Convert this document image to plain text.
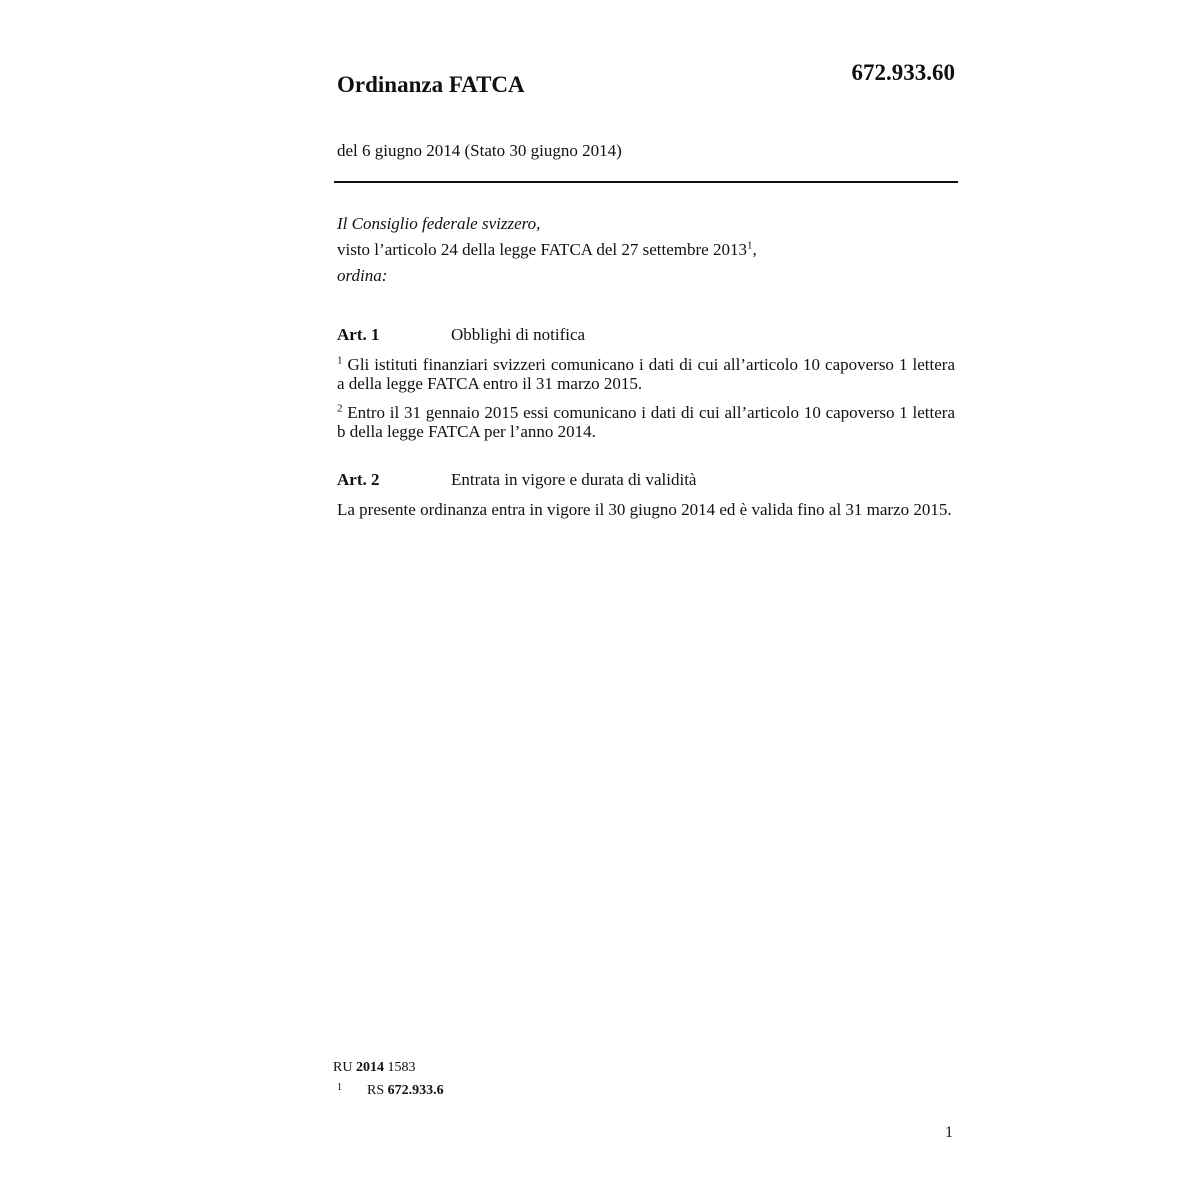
Ordinanza FATCA	672.933.60
del 6 giugno 2014 (Stato 30 giugno 2014)
Il Consiglio federale svizzero,
visto l’articolo 24 della legge FATCA del 27 settembre 2013$^1$,
ordina:
Art. 1	Obblighi di notifica

$^1$ Gli istituti finanziari svizzeri comunicano i dati di cui all’articolo 10 capoverso 1 lettera a della legge FATCA entro il 31 marzo 2015.

$^2$ Entro il 31 gennaio 2015 essi comunicano i dati di cui all’articolo 10 capoverso 1 lettera b della legge FATCA per l’anno 2014.

Art. 2	Entrata in vigore e durata di validità

La presente ordinanza entra in vigore il 30 giugno 2014 ed è valida fino al 31 marzo 2015.

RU 2014 1583
1 RS 672.933.6
1
